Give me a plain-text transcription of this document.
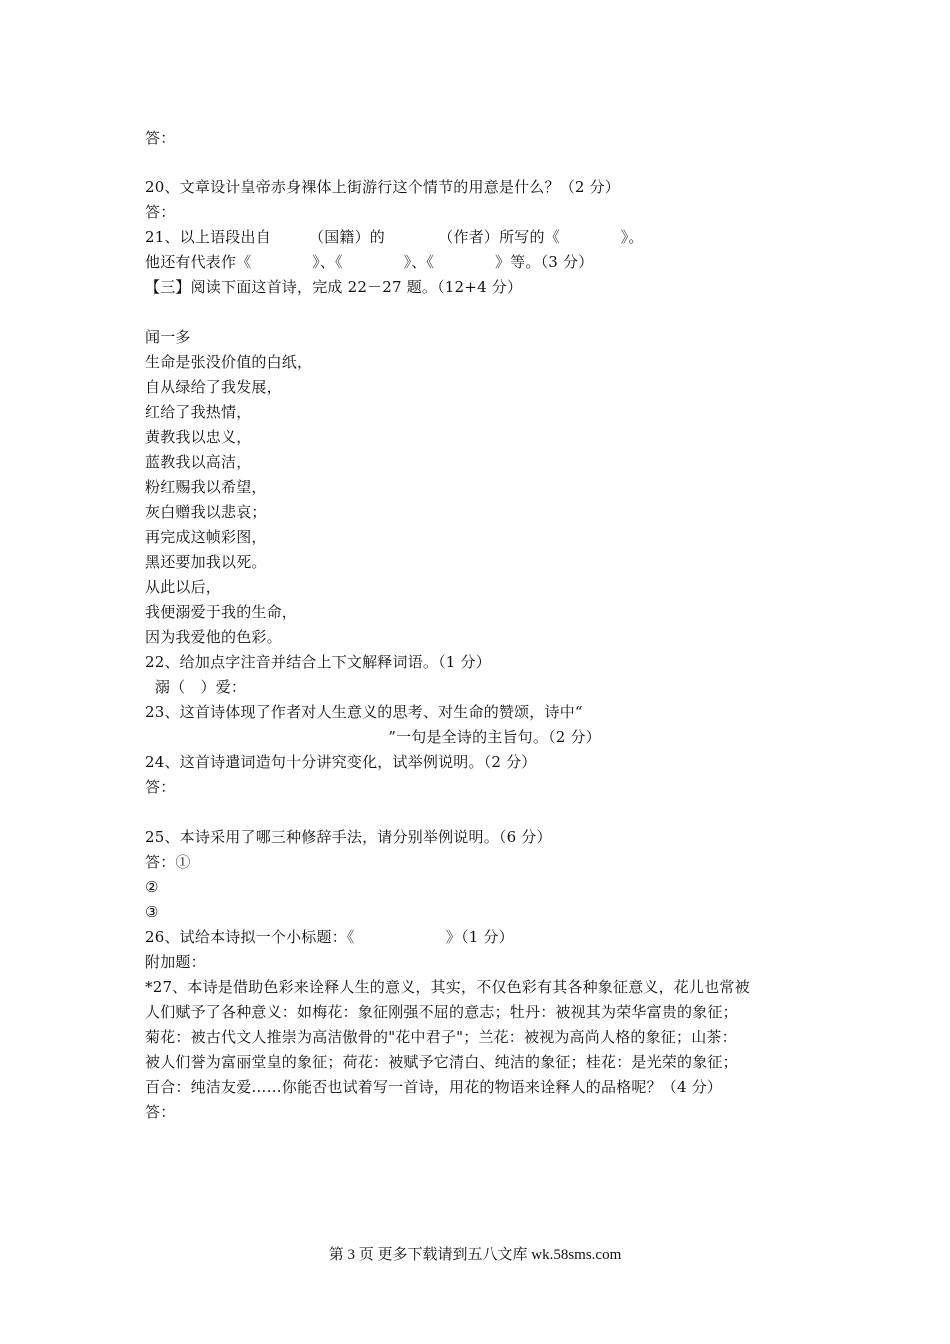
答：
20、文章设计皇帝赤身裸体上街游行这个情节的用意是什么？（2 分）
答：
21、以上语段出自　　　（国籍）的　　　　（作者）所写的《　　　　》。
他还有代表作《　　　　》、《　　　　》、《　　　　》等。（3 分）
【三】阅读下面这首诗，完成 22－27 题。（12+4 分）
闻一多
生命是张没价值的白纸，
自从绿给了我发展，
红给了我热情，
黄教我以忠义，
蓝教我以高洁，
粉红赐我以希望，
灰白赠我以悲哀；
再完成这帧彩图，
黑还要加我以死。
从此以后，
我便溺爱于我的生命，
因为我爱他的色彩。
22、给加点字注音并结合上下文解释词语。（1 分）
溺（　）爱：
23、这首诗体现了作者对人生意义的思考、对生命的赞颂，诗中“
　　　　　　　　　　　　　　　　”一句是全诗的主旨句。（2 分）
24、这首诗遣词造句十分讲究变化，试举例说明。（2 分）
答：
25、本诗采用了哪三种修辞手法，请分别举例说明。（6 分）
答：①
②
③
26、试给本诗拟一个小标题：《　　　　　　》（1 分）
附加题：
*27、本诗是借助色彩来诠释人生的意义，其实，不仅色彩有其各种象征意义，花儿也常被
人们赋予了各种意义：如梅花：象征刚强不屈的意志；牡丹：被视其为荣华富贵的象征；
菊花：被古代文人推崇为高洁傲骨的"花中君子"；兰花：被视为高尚人格的象征；山茶：
被人们誉为富丽堂皇的象征；荷花：被赋予它清白、纯洁的象征；桂花：是光荣的象征；
百合：纯洁友爱……你能否也试着写一首诗，用花的物语来诠释人的品格呢？（4 分）
答：
第 3 页 更多下载请到五八文库 wk.58sms.com
